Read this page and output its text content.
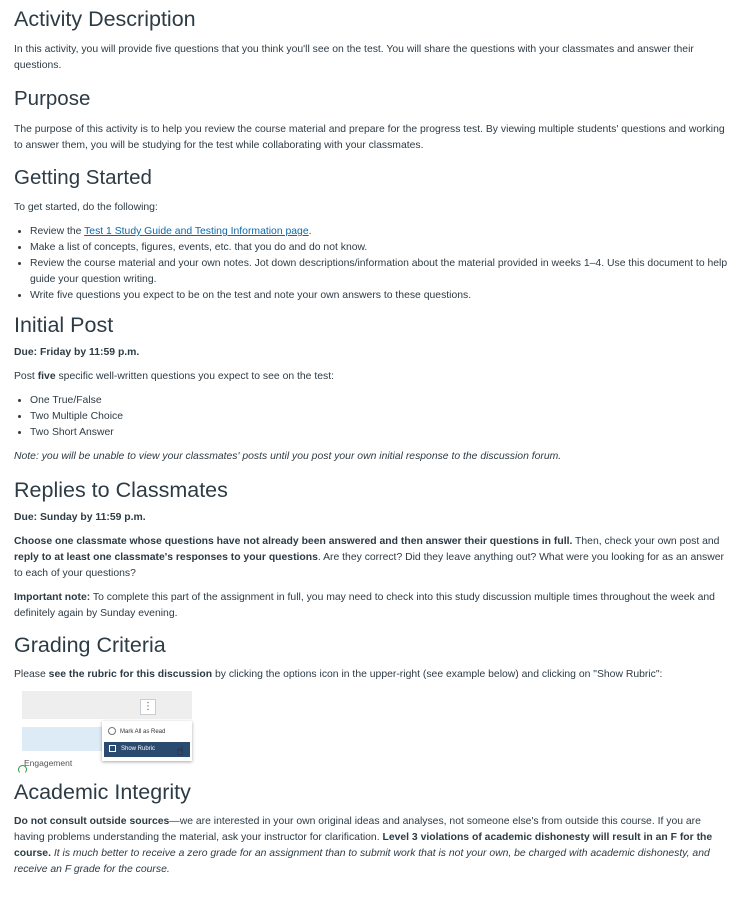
Activity Description

In this activity, you will provide five questions that you think you'll see on the test. You will share the questions with your classmates and answer their questions.

Purpose

The purpose of this activity is to help you review the course material and prepare for the progress test. By viewing multiple students' questions and working to answer them, you will be studying for the test while collaborating with your classmates.

Getting Started

To get started, do the following:

• Review the Test 1 Study Guide and Testing Information page.
• Make a list of concepts, figures, events, etc. that you do and do not know.
• Review the course material and your own notes. Jot down descriptions/information about the material provided in weeks 1–4. Use this document to help guide your question writing.
• Write five questions you expect to be on the test and note your own answers to these questions.
Initial Post

Due: Friday by 11:59 p.m.

Post five specific well-written questions you expect to see on the test:

• One True/False
• Two Multiple Choice
• Two Short Answer

Note: you will be unable to view your classmates' posts until you post your own initial response to the discussion forum.

Replies to Classmates

Due: Sunday by 11:59 p.m.

Choose one classmate whose questions have not already been answered and then answer their questions in full. Then, check your own post and reply to at least one classmate's responses to your questions. Are they correct? Did they leave anything out? What were you looking for as an answer to each of your questions?

Important note: To complete this part of the assignment in full, you may need to check into this study discussion multiple times throughout the week and definitely again by Sunday evening.

Grading Criteria

Please see the rubric for this discussion by clicking the options icon in the upper-right (see example below) and clicking on "Show Rubric":

⋮
Mark All as Read
Show Rubric	☝
Engagement
Academic Integrity

Do not consult outside sources—we are interested in your own original ideas and analyses, not someone else's from outside this course. If you are having problems understanding the material, ask your instructor for clarification. Level 3 violations of academic dishonesty will result in an F for the course. It is much better to receive a zero grade for an assignment than to submit work that is not your own, be charged with academic dishonesty, and receive an F grade for the course.
